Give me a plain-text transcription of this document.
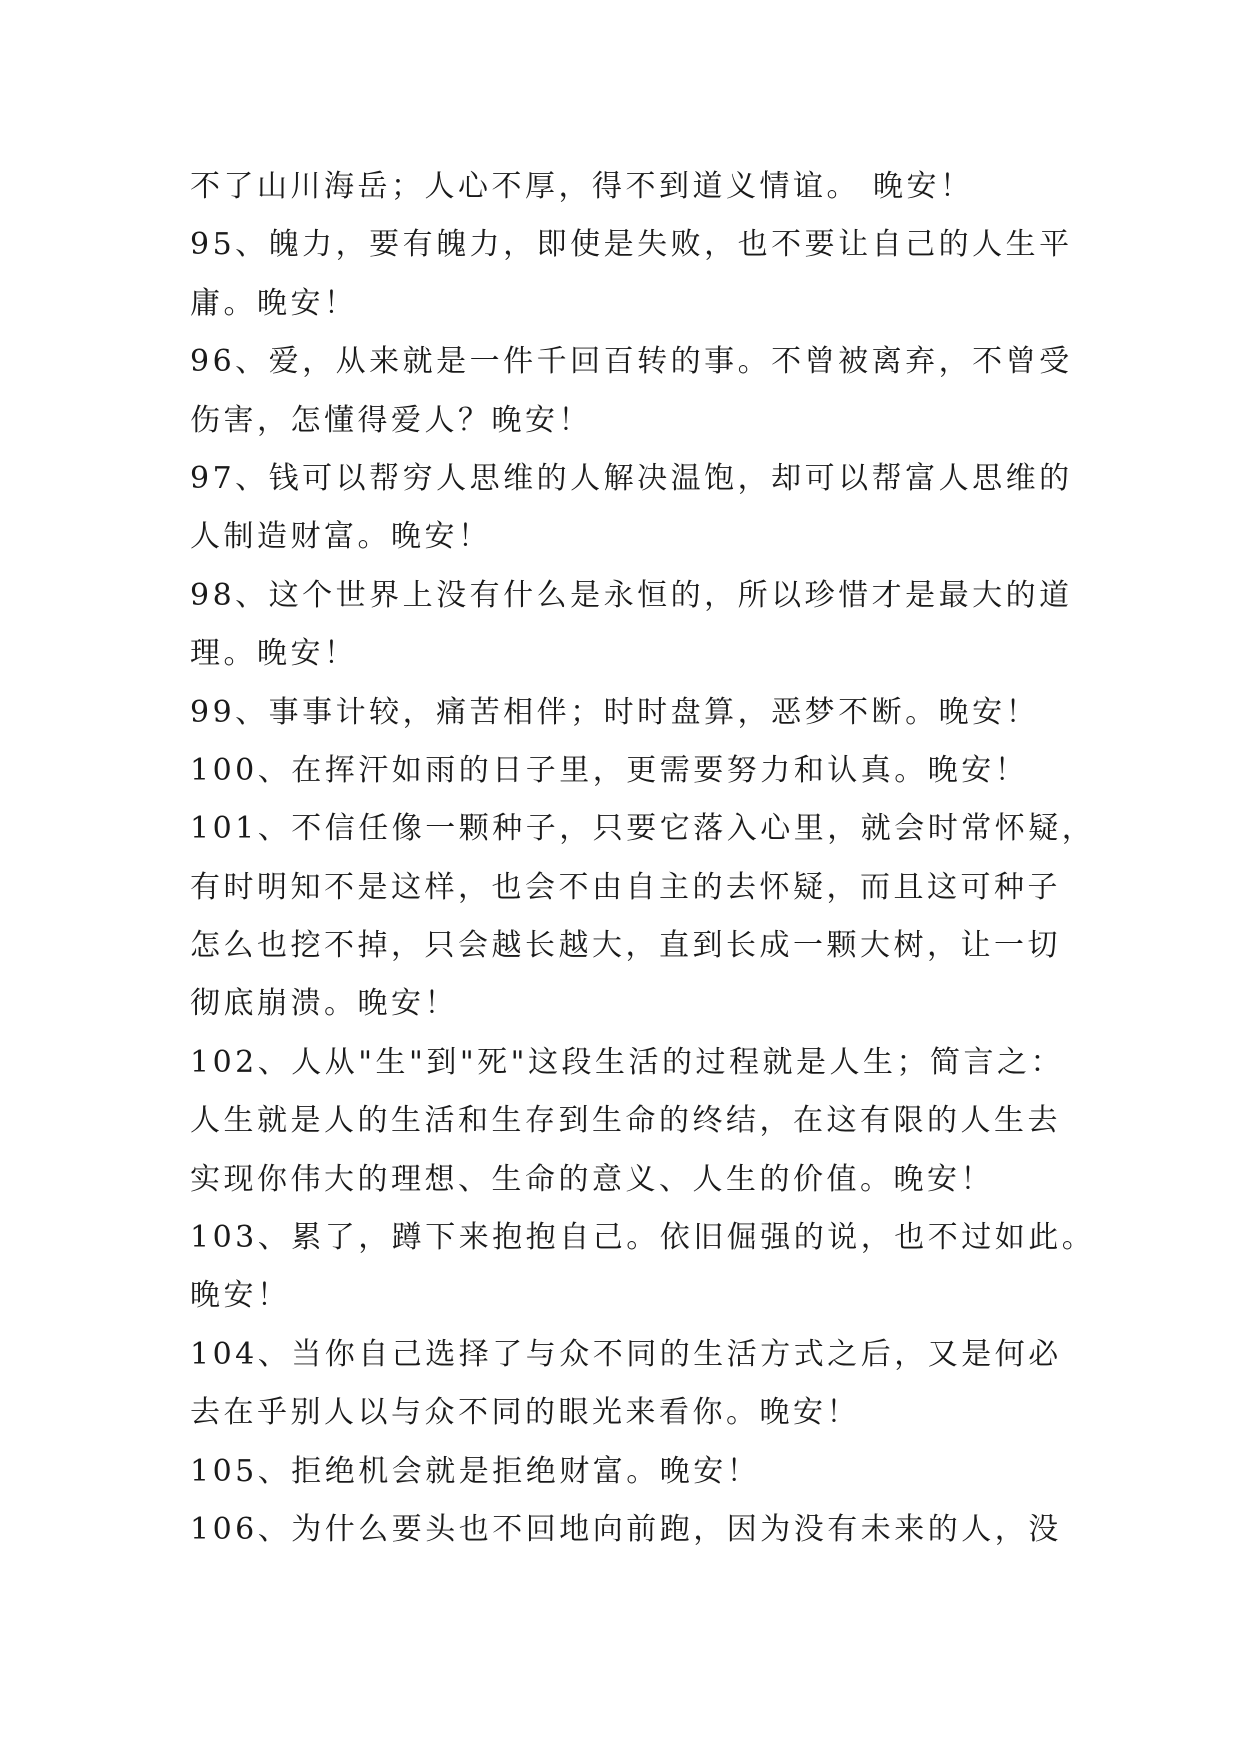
不了山川海岳；人心不厚，得不到道义情谊。 晚安！
95、魄力，要有魄力，即使是失败，也不要让自己的人生平
庸。晚安！
96、爱，从来就是一件千回百转的事。不曾被离弃，不曾受
伤害，怎懂得爱人？晚安！
97、钱可以帮穷人思维的人解决温饱，却可以帮富人思维的
人制造财富。晚安！
98、这个世界上没有什么是永恒的，所以珍惜才是最大的道
理。晚安！
99、事事计较，痛苦相伴；时时盘算，恶梦不断。晚安！
100、在挥汗如雨的日子里，更需要努力和认真。晚安！
101、不信任像一颗种子，只要它落入心里，就会时常怀疑，
有时明知不是这样，也会不由自主的去怀疑，而且这可种子
怎么也挖不掉，只会越长越大，直到长成一颗大树，让一切
彻底崩溃。晚安！
102、人从"生"到"死"这段生活的过程就是人生；简言之：
人生就是人的生活和生存到生命的终结，在这有限的人生去
实现你伟大的理想、生命的意义、人生的价值。晚安！
103、累了，蹲下来抱抱自己。依旧倔强的说，也不过如此。
晚安！
104、当你自己选择了与众不同的生活方式之后，又是何必
去在乎别人以与众不同的眼光来看你。晚安！
105、拒绝机会就是拒绝财富。晚安！
106、为什么要头也不回地向前跑，因为没有未来的人，没
